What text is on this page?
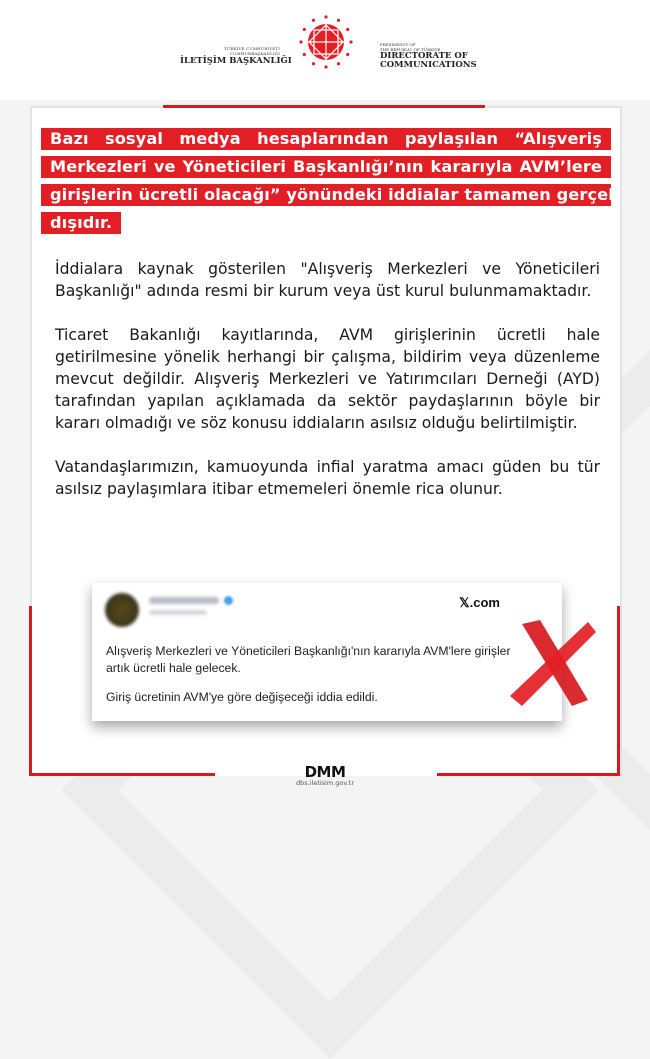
TÜRKİYE CUMHURİYETİ CUMHURBAŞKANLIĞI
İLETİŞİM BAŞKANLIĞI
PRESIDENCY OF
THE REPUBLIC OF TÜRKİYE
DIRECTORATE OF
COMMUNICATIONS
Bazı sosyal medya hesaplarından paylaşılan “Alışveriş
Merkezleri ve Yöneticileri Başkanlığı’nın kararıyla AVM’lere
girişlerin ücretli olacağı” yönündeki iddialar tamamen gerçek
dışıdır.

İddialara kaynak gösterilen "Alışveriş Merkezleri ve Yöneticileri Başkanlığı" adında resmi bir kurum veya üst kurul bulunmamaktadır.

Ticaret Bakanlığı kayıtlarında, AVM girişlerinin ücretli hale getirilmesine yönelik herhangi bir çalışma, bildirim veya düzenleme mevcut değildir. Alışveriş Merkezleri ve Yatırımcıları Derneği (AYD) tarafından yapılan açıklamada da sektör paydaşlarının böyle bir kararı olmadığı ve söz konusu iddiaların asılsız olduğu belirtilmiştir.

Vatandaşlarımızın, kamuoyunda infial yaratma amacı güden bu tür asılsız paylaşımlara itibar etmemeleri önemle rica olunur.

𝕏.com

Alışveriş Merkezleri ve Yöneticileri Başkanlığı'nın kararıyla AVM'lere girişler artık ücretli hale gelecek.

Giriş ücretinin AVM'ye göre değişeceği iddia edildi.

DMM
dbs.iletisim.gov.tr
